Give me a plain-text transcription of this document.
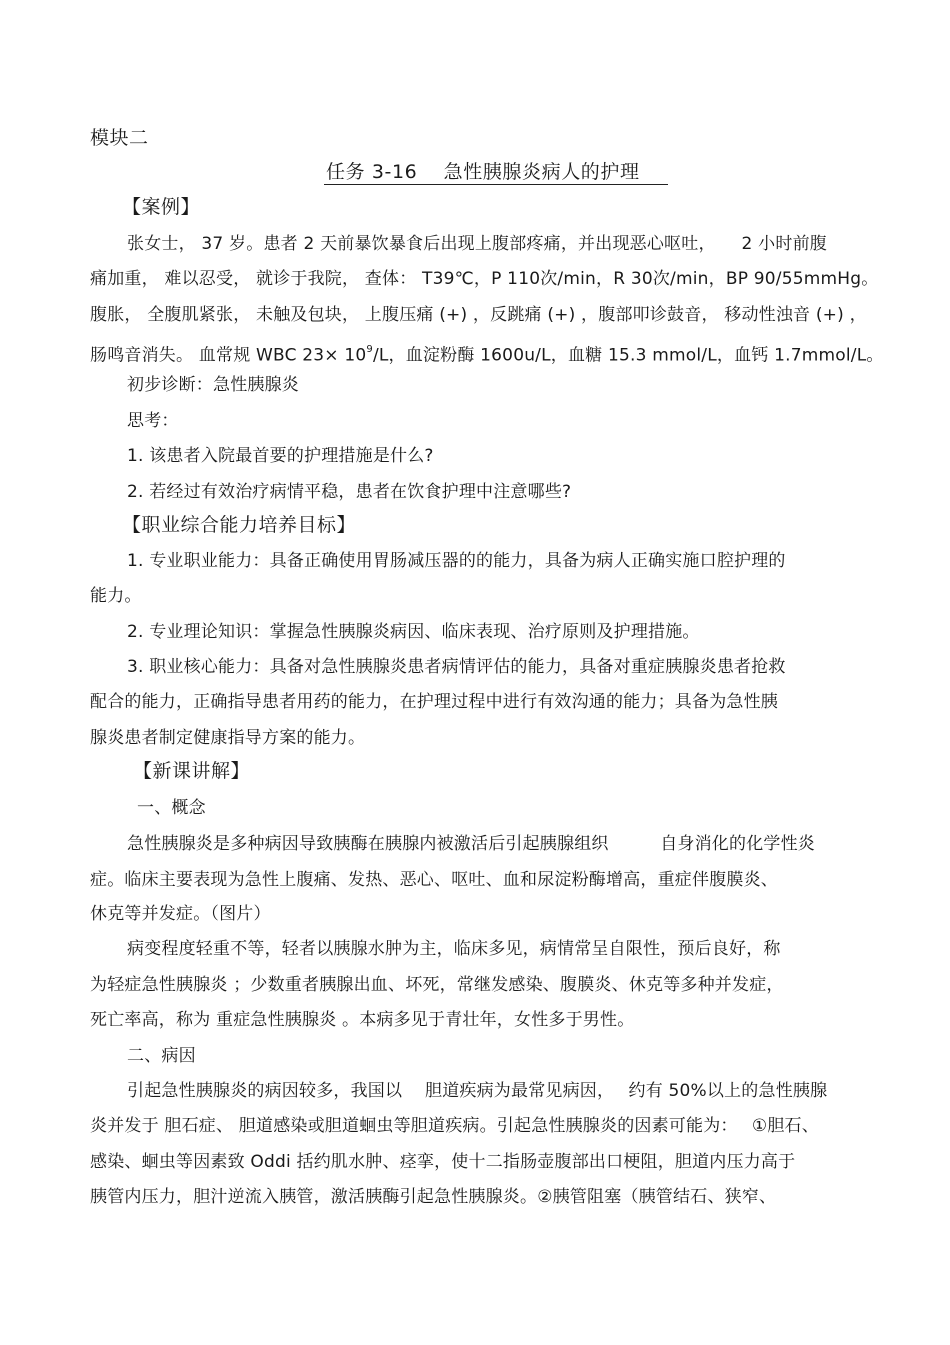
模块二
任务 3-16　 急性胰腺炎病人的护理
【案例】
张女士， 37 岁。患者 2 天前暴饮暴食后出现上腹部疼痛，并出现恶心呕吐，　　2 小时前腹
痛加重， 难以忍受， 就诊于我院， 查体： T39℃，P 110次/min，R 30次/min，BP 90/55mmHg。
腹胀， 全腹肌紧张， 未触及包块， 上腹压痛 (+) ，反跳痛 (+) ，腹部叩诊鼓音， 移动性浊音 (+) ，
肠鸣音消失。 血常规 WBC $23\times 10^9/L$，血淀粉酶 1600u/L，血糖 15.3 mmol/L，血钙 1.7mmol/L。
初步诊断：急性胰腺炎
思考：
1. 该患者入院最首要的护理措施是什么?
2. 若经过有效治疗病情平稳，患者在饮食护理中注意哪些?
【职业综合能力培养目标】
1. 专业职业能力：具备正确使用胃肠减压器的的能力，具备为病人正确实施口腔护理的
能力。
2. 专业理论知识：掌握急性胰腺炎病因、临床表现、治疗原则及护理措施。
3. 职业核心能力：具备对急性胰腺炎患者病情评估的能力，具备对重症胰腺炎患者抢救
配合的能力，正确指导患者用药的能力，在护理过程中进行有效沟通的能力；具备为急性胰
腺炎患者制定健康指导方案的能力。
【新课讲解】
一、概念
急性胰腺炎是多种病因导致胰酶在胰腺内被激活后引起胰腺组织　　　自身消化的化学性炎
症。临床主要表现为急性上腹痛、发热、恶心、呕吐、血和尿淀粉酶增高，重症伴腹膜炎、
休克等并发症。（图片）
病变程度轻重不等，轻者以胰腺水肿为主，临床多见，病情常呈自限性，预后良好，称
为轻症急性胰腺炎 ；少数重者胰腺出血、坏死，常继发感染、腹膜炎、休克等多种并发症，
死亡率高，称为 重症急性胰腺炎 。本病多见于青壮年，女性多于男性。
二、病因
引起急性胰腺炎的病因较多，我国以　 胆道疾病为最常见病因，　 约有 50%以上的急性胰腺
炎并发于 胆石症、 胆道感染或胆道蛔虫等胆道疾病。引起急性胰腺炎的因素可能为：　 ①胆石、
感染、蛔虫等因素致 Oddi 括约肌水肿、痉挛，使十二指肠壶腹部出口梗阻，胆道内压力高于
胰管内压力，胆汁逆流入胰管，激活胰酶引起急性胰腺炎。②胰管阻塞（胰管结石、狭窄、
